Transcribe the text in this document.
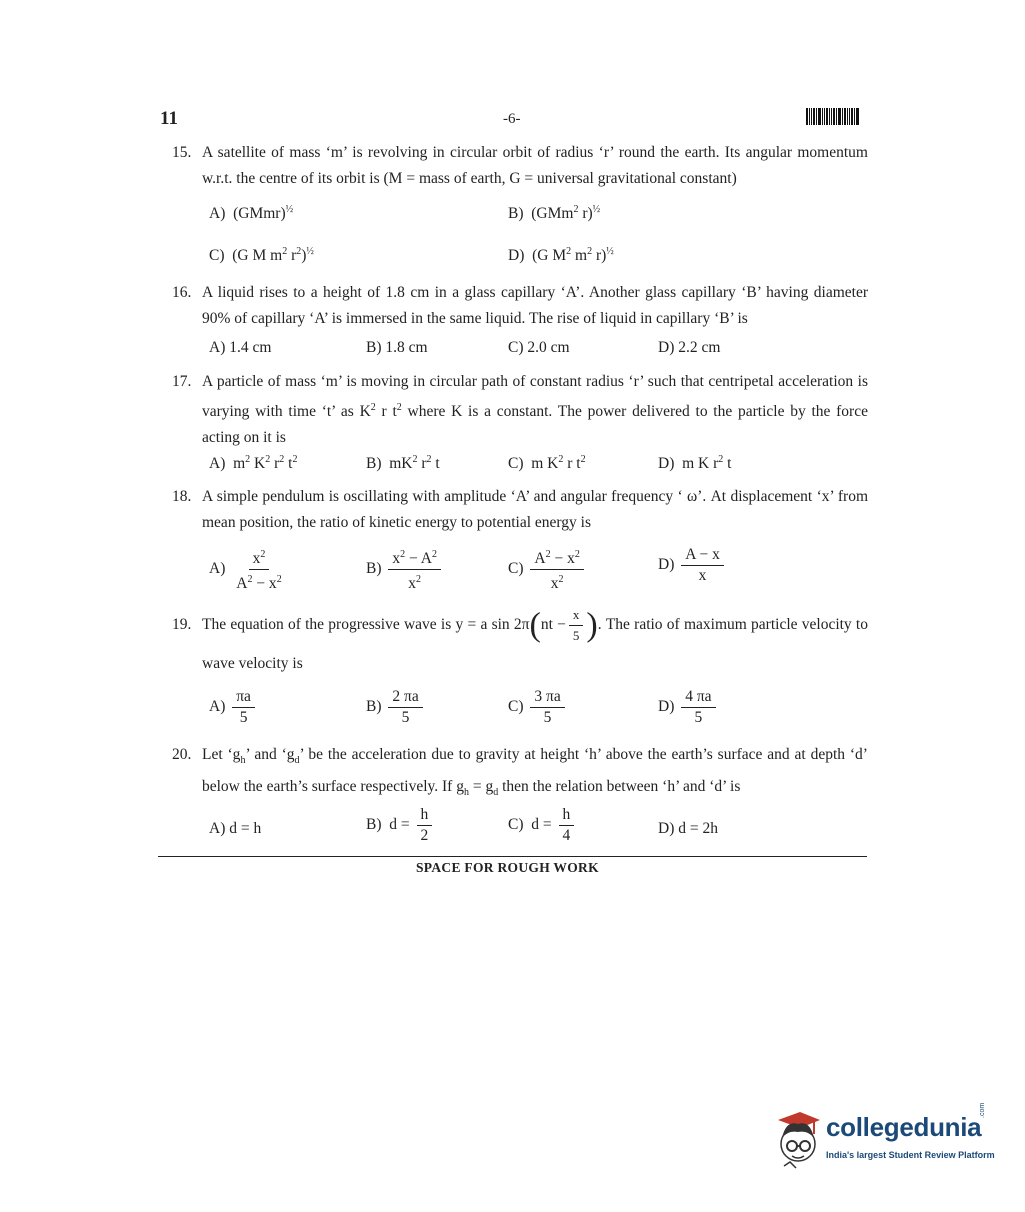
11	-6-
15. A satellite of mass ‘m’ is revolving in circular orbit of radius ‘r’ round the earth. Its angular momentum w.r.t. the centre of its orbit is (M = mass of earth, G = universal gravitational constant)
A)  (GMmr)$^{\frac{1}{2}}$	B)  (GMm$^2$ r)$^{\frac{1}{2}}$
C)  (G M $m^2$ $r^2)^{\frac{1}{2}}$	D)  (G $M^2$ $m^2$ r)$^{\frac{1}{2}}$
16. A liquid rises to a height of 1.8 cm in a glass capillary ‘A’. Another glass capillary ‘B’ having diameter 90% of capillary ‘A’ is immersed in the same liquid. The rise of liquid in capillary ‘B’ is
A) 1.4 cm	B) 1.8 cm	C) 2.0 cm	D) 2.2 cm
17. A particle of mass ‘m’ is moving in circular path of constant radius ‘r’ such that centripetal acceleration is varying with time ‘t’ as $K^2$ r $t^2$ where K is a constant. The power delivered to the particle by the force acting on it is
A)  $m^2$ $K^2$ $r^2$ $t^2$	B)  $mK^2$ $r^2$ t	C)  m $K^2$ r $t^2$	D)  m K $r^2$ t
18. A simple pendulum is oscillating with amplitude ‘A’ and angular frequency ‘ ω’. At displacement ‘x’ from mean position, the ratio of kinetic energy to potential energy is
$A) \frac{x^2}{A^2 - x^2}$	$B) \frac{x^2 - A^2}{x^2}$	$C) \frac{A^2 - x^2}{x^2}$	$D) \frac{A - x}{x}$
19. The equation of the progressive wave is y = a $\sin 2\pi(nt - \frac{x}{5}$ ). The ratio of maximum particle velocity to wave velocity is
$A) \frac{\pi a}{5}$	$B) \frac{2 \pi a}{5}$	$C) \frac{3 \pi a}{5}$	$D) \frac{4 \pi a}{5}$
20. Let ‘$g_h$’ and ‘$g_d$’ be the acceleration due to gravity at height ‘h’ above the earth’s surface and at depth ‘d’ below the earth’s surface respectively. If $g_h = g_d$ then the relation between ‘h’ and ‘d’ is
A) d = h	B)  $d = \frac{h}{2}$	C)  $d = \frac{h}{4}$	D) d = 2h
SPACE FOR ROUGH WORK
collegedunia
.com
India's largest Student Review Platform
